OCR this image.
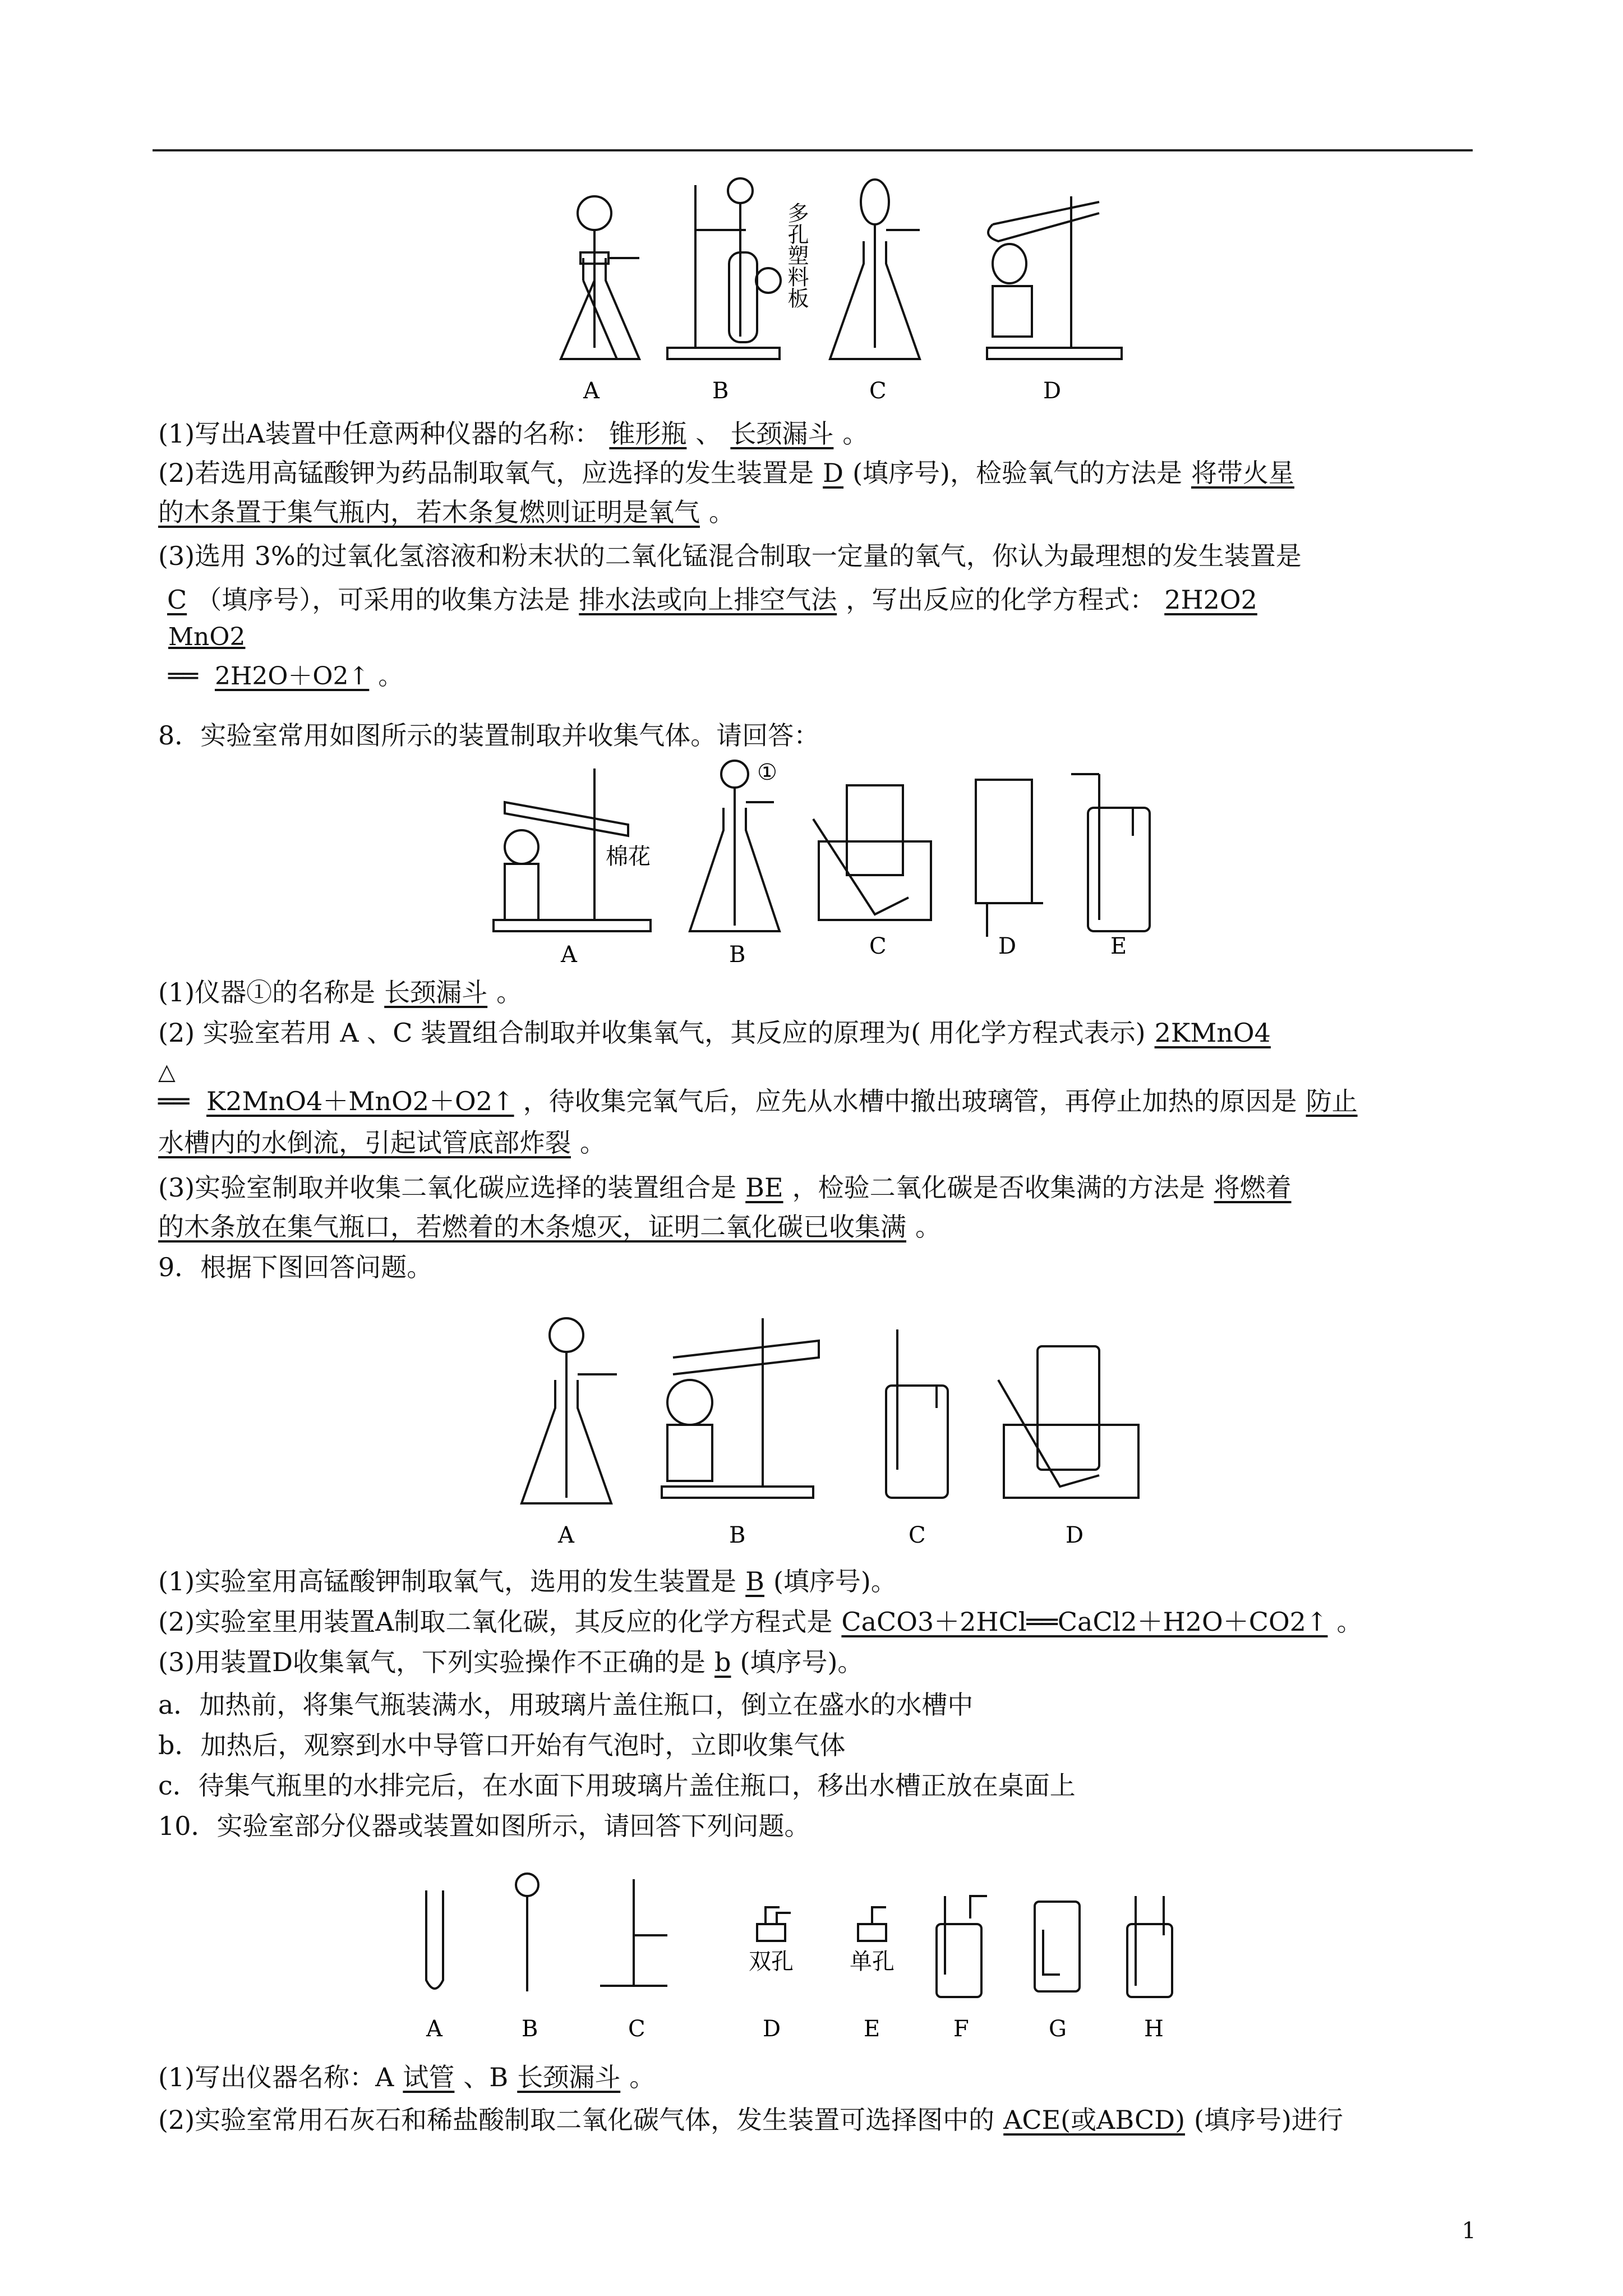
A	B	C	D
多孔塑料板
(1)写出A装置中任意两种仪器的名称： 锥形瓶 、 长颈漏斗 。
(2)若选用高锰酸钾为药品制取氧气，应选择的发生装置是 D (填序号)，检验氧气的方法是 将带火星
的木条置于集气瓶内，若木条复燃则证明是氧气 。
(3)选用 3%的过氧化氢溶液和粉末状的二氧化锰混合制取一定量的氧气，你认为最理想的发生装置是
C （填序号），可采用的收集方法是 排水法或向上排空气法 ，写出反应的化学方程式： 2H2O2
MnO2
══ 2H2O＋O2↑ 。
8．实验室常用如图所示的装置制取并收集气体。请回答：
A	B	C	D	E
棉花
①
(1)仪器①的名称是 长颈漏斗 。
(2) 实验室若用 A 、C 装置组合制取并收集氧气，其反应的原理为( 用化学方程式表示) 2KMnO4
△
══ K2MnO4＋MnO2＋O2↑ ，待收集完氧气后，应先从水槽中撤出玻璃管，再停止加热的原因是 防止
水槽内的水倒流，引起试管底部炸裂 。
(3)实验室制取并收集二氧化碳应选择的装置组合是 BE ，检验二氧化碳是否收集满的方法是 将燃着
的木条放在集气瓶口，若燃着的木条熄灭，证明二氧化碳已收集满 。
9．根据下图回答问题。
A	B	C	D
(1)实验室用高锰酸钾制取氧气，选用的发生装置是 B (填序号)。
(2)实验室里用装置A制取二氧化碳，其反应的化学方程式是 CaCO3＋2HCl══CaCl2＋H2O＋CO2↑ 。
(3)用装置D收集氧气，下列实验操作不正确的是 b (填序号)。
a．加热前，将集气瓶装满水，用玻璃片盖住瓶口，倒立在盛水的水槽中
b．加热后，观察到水中导管口开始有气泡时，立即收集气体
c．待集气瓶里的水排完后，在水面下用玻璃片盖住瓶口，移出水槽正放在桌面上
10．实验室部分仪器或装置如图所示，请回答下列问题。
A	B	C	D	E	F	G	H
双孔	单孔
(1)写出仪器名称：A 试管 、B 长颈漏斗 。
(2)实验室常用石灰石和稀盐酸制取二氧化碳气体，发生装置可选择图中的 ACE(或ABCD) (填序号)进行
1
